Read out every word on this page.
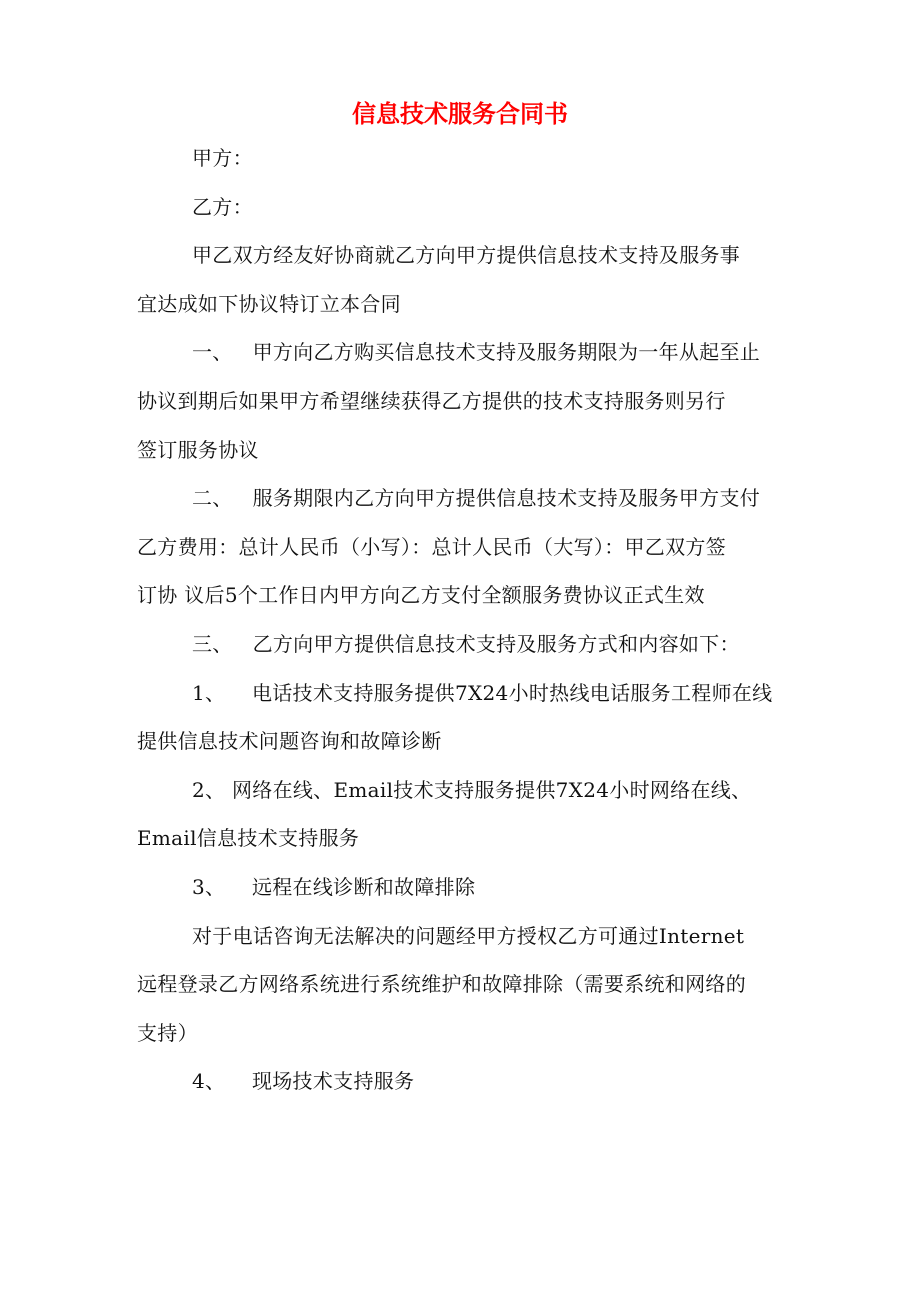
信息技术服务合同书
甲方：
乙方：
甲乙双方经友好协商就乙方向甲方提供信息技术支持及服务事
宜达成如下协议特订立本合同
一、   甲方向乙方购买信息技术支持及服务期限为一年从起至止
协议到期后如果甲方希望继续获得乙方提供的技术支持服务则另行
签订服务协议
二、   服务期限内乙方向甲方提供信息技术支持及服务甲方支付
乙方费用：总计人民币（小写）：总计人民币（大写）：甲乙双方签
订协 议后5个工作日内甲方向乙方支付全额服务费协议正式生效
三、   乙方向甲方提供信息技术支持及服务方式和内容如下：
1、    电话技术支持服务提供7X24小时热线电话服务工程师在线
提供信息技术问题咨询和故障诊断
2、 网络在线、Email技术支持服务提供7X24小时网络在线、
Email信息技术支持服务
3、    远程在线诊断和故障排除
对于电话咨询无法解决的问题经甲方授权乙方可通过Internet
远程登录乙方网络系统进行系统维护和故障排除（需要系统和网络的
支持）
4、    现场技术支持服务
